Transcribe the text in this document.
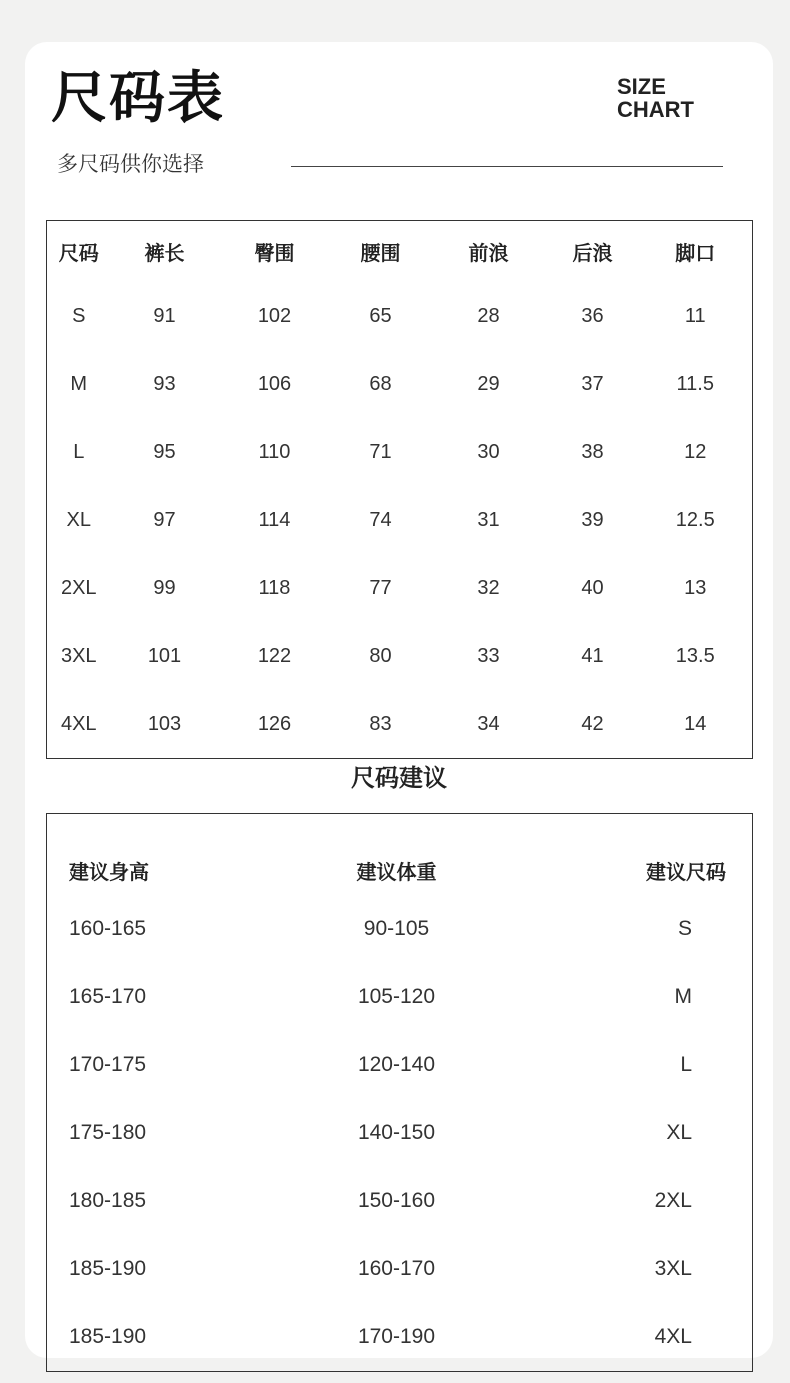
尺码表	SIZE
CHART
多尺码供你选择
尺码	裤长	臀围	腰围	前浪	后浪	脚口
S	91	102	65	28	36	11
M	93	106	68	29	37	11.5
L	95	110	71	30	38	12
XL	97	114	74	31	39	12.5
2XL	99	118	77	32	40	13
3XL	101	122	80	33	41	13.5
4XL	103	126	83	34	42	14
尺码建议
建议身高	建议体重	建议尺码
160-165	90-105	S
165-170	105-120	M
170-175	120-140	L
175-180	140-150	XL
180-185	150-160	2XL
185-190	160-170	3XL
185-190	170-190	4XL
